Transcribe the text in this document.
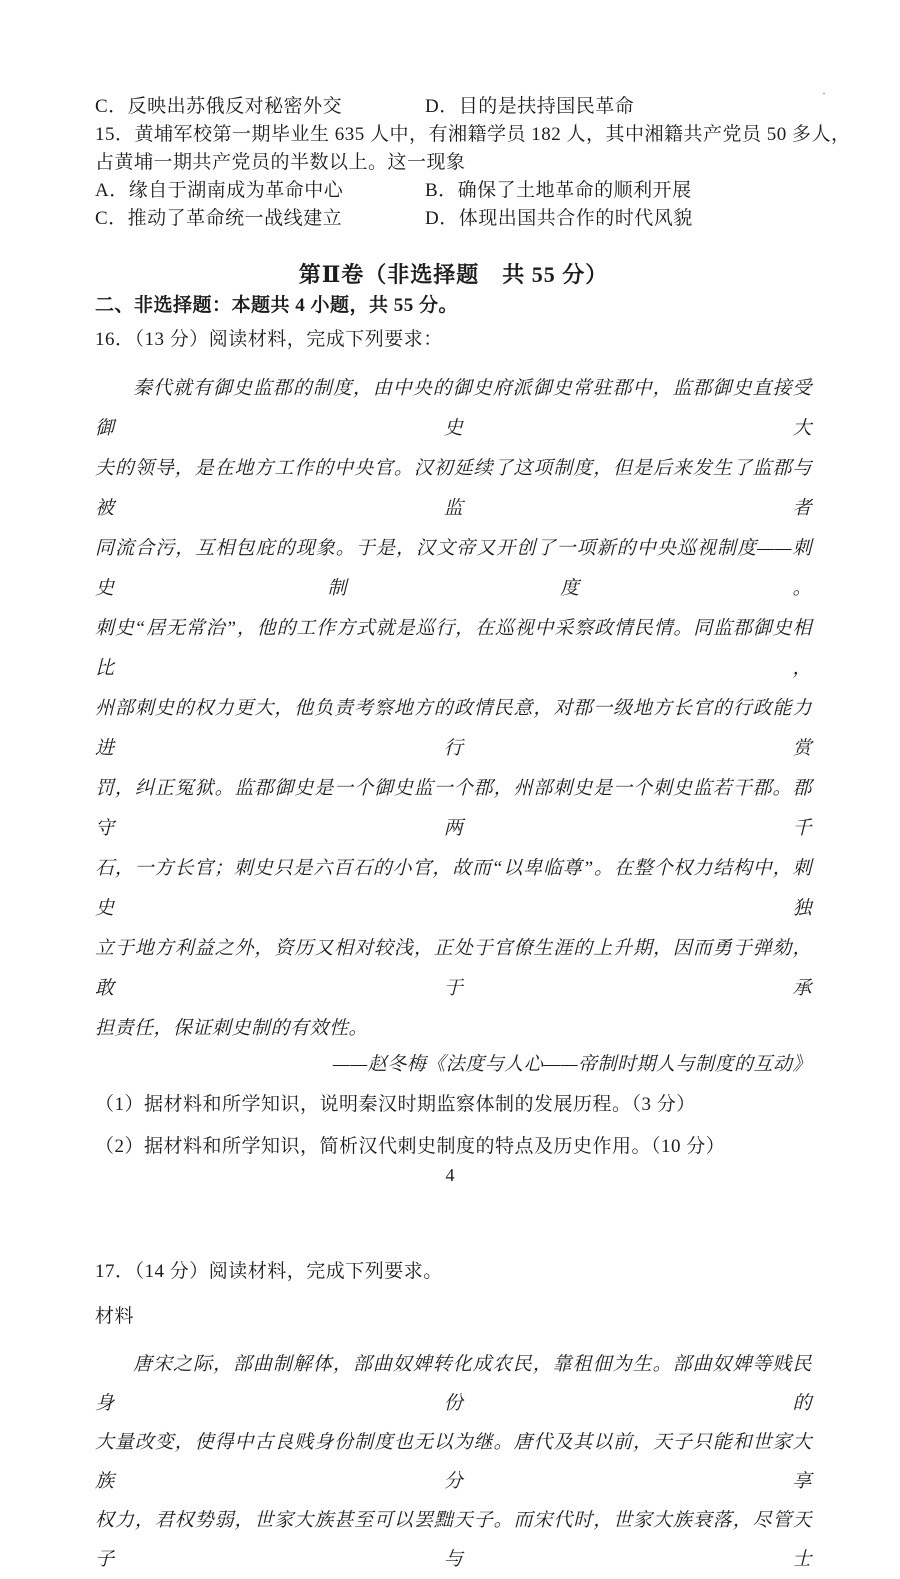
C．反映出苏俄反对秘密外交	D．目的是扶持国民革命
15．黄埔军校第一期毕业生 635 人中，有湘籍学员 182 人，其中湘籍共产党员 50 多人，
占黄埔一期共产党员的半数以上。这一现象
A．缘自于湖南成为革命中心	B．确保了土地革命的顺利开展
C．推动了革命统一战线建立	D．体现出国共合作的时代风貌
第Ⅱ卷（非选择题　共 55 分）
二、非选择题：本题共 4 小题，共 55 分。
16．（13 分）阅读材料，完成下列要求：
秦代就有御史监郡的制度，由中央的御史府派御史常驻郡中，监郡御史直接受御史大
夫的领导，是在地方工作的中央官。汉初延续了这项制度，但是后来发生了监郡与被监者
同流合污，互相包庇的现象。于是，汉文帝又开创了一项新的中央巡视制度——刺史制度。
刺史“居无常治”，他的工作方式就是巡行，在巡视中采察政情民情。同监郡御史相比，
州部刺史的权力更大，他负责考察地方的政情民意，对郡一级地方长官的行政能力进行赏
罚，纠正冤狱。监郡御史是一个御史监一个郡，州部刺史是一个刺史监若干郡。郡守两千
石，一方长官；刺史只是六百石的小官，故而“以卑临尊”。在整个权力结构中，刺史独
立于地方利益之外，资历又相对较浅，正处于官僚生涯的上升期，因而勇于弹劾，敢于承
担责任，保证刺史制的有效性。
——赵冬梅《法度与人心——帝制时期人与制度的互动》
（1）据材料和所学知识，说明秦汉时期监察体制的发展历程。（3 分）
（2）据材料和所学知识，简析汉代刺史制度的特点及历史作用。（10 分）
17．（14 分）阅读材料，完成下列要求。
材料
唐宋之际，部曲制解体，部曲奴婢转化成农民，靠租佃为生。部曲奴婢等贱民身份的
大量改变，使得中古良贱身份制度也无以为继。唐代及其以前，天子只能和世家大族分享
权力，君权势弱，世家大族甚至可以罢黜天子。而宋代时，世家大族衰落，尽管天子与士
4
·
